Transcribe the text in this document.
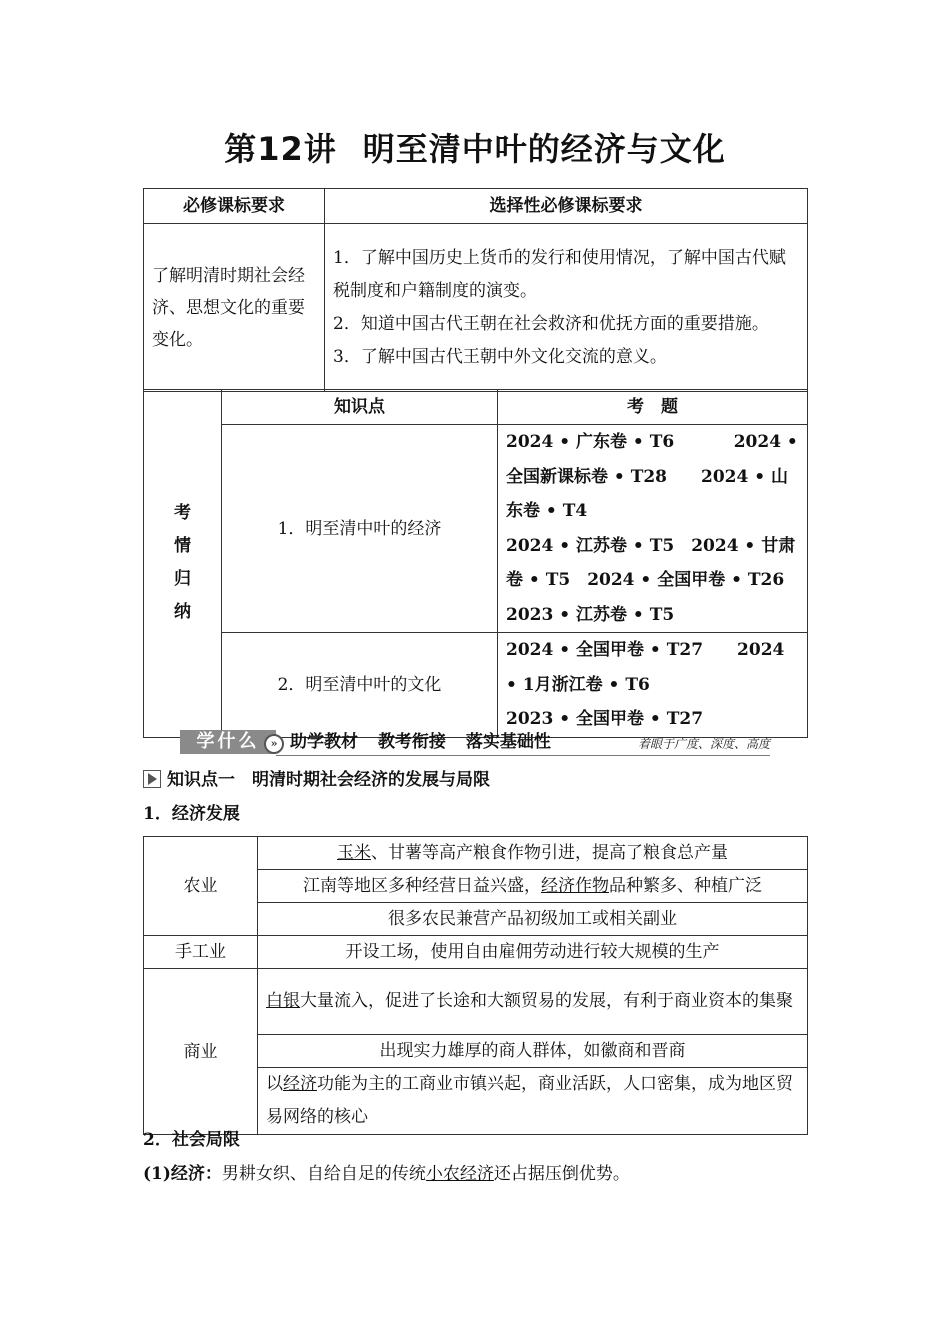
第12讲 明至清中叶的经济与文化
必修课标要求	选择性必修课标要求
了解明清时期社会经济、思想文化的重要变化。	1．了解中国历史上货币的发行和使用情况，了解中国古代赋税制度和户籍制度的演变。
2．知道中国古代王朝在社会救济和优抚方面的重要措施。
3．了解中国古代王朝中外文化交流的意义。
考
情
归
纳	知识点	考　题
	1．明至清中叶的经济	2024 • 广东卷 • T6     2024 • 全国新课标卷 • T28   2024 • 山东卷 • T4
2024 • 江苏卷 • T5  2024 • 甘肃卷 • T5  2024 • 全国甲卷 • T26
2023 • 江苏卷 • T5
	2．明至清中叶的文化	2024 • 全国甲卷 • T27   2024 • 1月浙江卷 • T6       2023 • 全国甲卷 • T27
学什么	» 助学教材 教考衔接 落实基础性	着眼于广度、深度、高度
知识点一　明清时期社会经济的发展与局限
1．经济发展
农业	玉米、甘薯等高产粮食作物引进，提高了粮食总产量
	江南等地区多种经营日益兴盛，经济作物品种繁多、种植广泛
	很多农民兼营产品初级加工或相关副业
手工业	开设工场，使用自由雇佣劳动进行较大规模的生产
商业	白银大量流入，促进了长途和大额贸易的发展，有利于商业资本的集聚
	出现实力雄厚的商人群体，如徽商和晋商
	以经济功能为主的工商业市镇兴起，商业活跃，人口密集，成为地区贸易网络的核心
2．社会局限
(1)经济：男耕女织、自给自足的传统小农经济还占据压倒优势。
